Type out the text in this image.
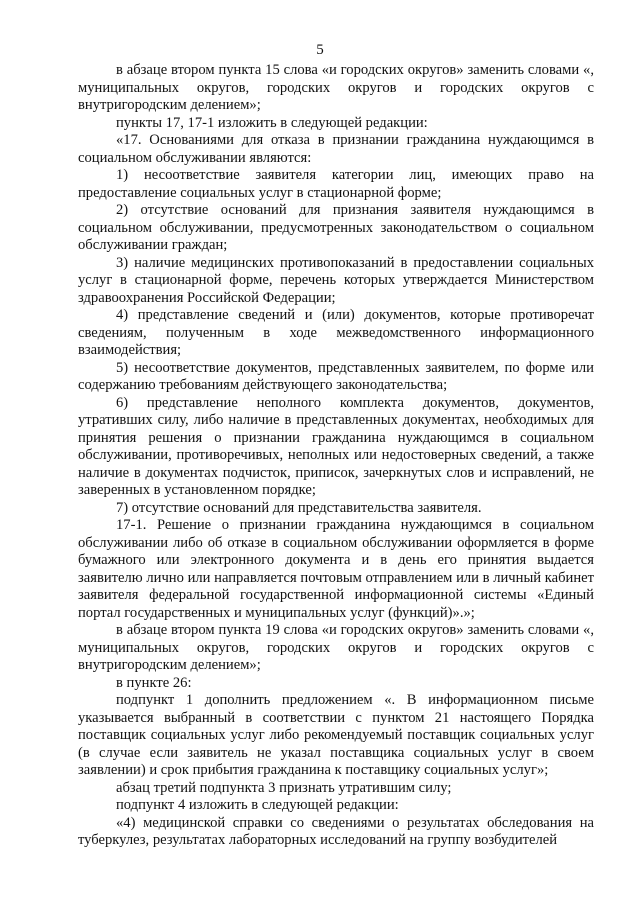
5

в абзаце втором пункта 15 слова «и городских округов» заменить словами «, муниципальных округов, городских округов и городских округов с внутригородским делением»;

пункты 17, 17-1 изложить в следующей редакции:

«17. Основаниями для отказа в признании гражданина нуждающимся в социальном обслуживании являются:

1) несоответствие заявителя категории лиц, имеющих право на предоставление социальных услуг в стационарной форме;

2) отсутствие оснований для признания заявителя нуждающимся в социальном обслуживании, предусмотренных законодательством о социальном обслуживании граждан;

3) наличие медицинских противопоказаний в предоставлении социальных услуг в стационарной форме, перечень которых утверждается Министерством здравоохранения Российской Федерации;

4) представление сведений и (или) документов, которые противоречат сведениям, полученным в ходе межведомственного информационного взаимодействия;

5) несоответствие документов, представленных заявителем, по форме или содержанию требованиям действующего законодательства;

6) представление неполного комплекта документов, документов, утративших силу, либо наличие в представленных документах, необходимых для принятия решения о признании гражданина нуждающимся в социальном обслуживании, противоречивых, неполных или недостоверных сведений, а также наличие в документах подчисток, приписок, зачеркнутых слов и исправлений, не заверенных в установленном порядке;

7) отсутствие оснований для представительства заявителя.

17-1. Решение о признании гражданина нуждающимся в социальном обслуживании либо об отказе в социальном обслуживании оформляется в форме бумажного или электронного документа и в день его принятия выдается заявителю лично или направляется почтовым отправлением или в личный кабинет заявителя федеральной государственной информационной системы «Единый портал государственных и муниципальных услуг (функций)».»;

в абзаце втором пункта 19 слова «и городских округов» заменить словами «, муниципальных округов, городских округов и городских округов с внутригородским делением»;

в пункте 26:

подпункт 1 дополнить предложением «. В информационном письме указывается выбранный в соответствии с пунктом 21 настоящего Порядка поставщик социальных услуг либо рекомендуемый поставщик социальных услуг (в случае если заявитель не указал поставщика социальных услуг в своем заявлении) и срок прибытия гражданина к поставщику социальных услуг»;

абзац третий подпункта 3 признать утратившим силу;

подпункт 4 изложить в следующей редакции:

«4) медицинской справки со сведениями о результатах обследования на туберкулез, результатах лабораторных исследований на группу возбудителей
